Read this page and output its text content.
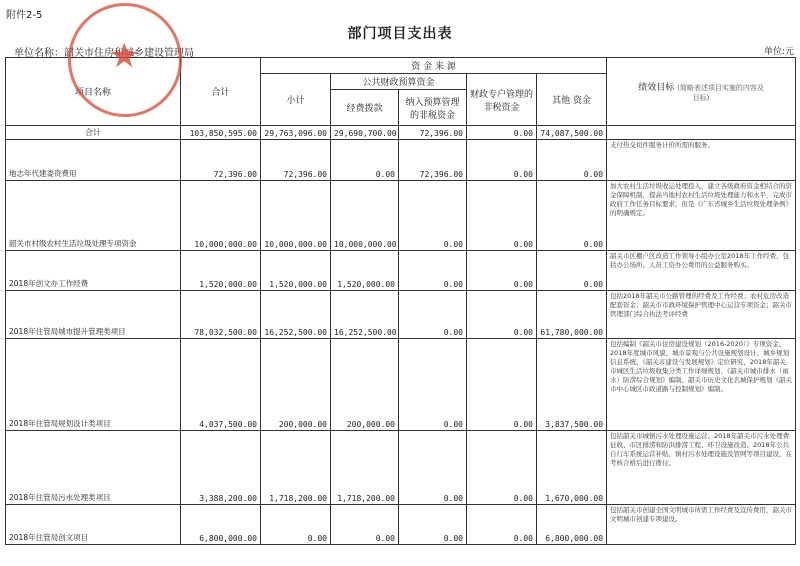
附件2-5
部门项目支出表
单位名称：韶关市住房和城乡建设管理局	单位:元
项目名称	合计	资 金 来 源					绩效目标 (简略表述项目实施的内容及
目标)
		小计	公共财政预算资金		财政专户管理的非税资金	其他 资金	
			经费拨款	纳入预算管理的非税资金			
合计	103,850,595.00	29,763,096.00	29,690,700.00	72,396.00	0.00	74,087,500.00	
地志年代建委资费用	72,396.00	72,396.00	0.00	72,396.00	0.00	0.00	支付热交切件服务计价所需的服务。
韶关市村级农村生活垃圾处理专项资金	10,000,000.00	10,000,000.00	10,000,000.00	0.00	0.00	0.00	加大农村生活垃圾收运处理投入，建立各级政府资金相结合的资金保障机制，提高当地村农村生活垃圾处理能力和水平，完成市政府工作任务目标要求，但是《广东省城乡生活垃圾处理条例》的明确规定。
2018年创文办工作经费	1,520,000.00	1,520,000.00	1,520,000.00	0.00	0.00	0.00	韶关市区棚户区改造工作领导小组办公室2018年工作经费，包括办公场所、人员工资办公费用的公益服务购买。
2018年住管局城市提升管理类项目	78,032,500.00	16,252,500.00	16,252,500.00	0.00	0.00	61,780,000.00	包括2018年韶关市公路管理的经费及工作经费；农村危房改造配套资金；韶关市市政环境保护管理中心运营专项资金；韶关市管理部门综合执法考评经费
2018年住管局规划设计类项目	4,037,500.00	200,000.00	200,000.00	0.00	0.00	3,837,500.00	包括编制《韶关市住房建设规划（2016-2020）》专项资金、2018年度城市风貌、城市景观与公共设施规划设计、城乡规划信息系统、《韶关市建设与发展规划》定位研究、2018年韶关市城区生活垃圾收集分类工作详细规划、《韶关市城市排水（雨水）防涝综合规划》编制、韶关市历史文化名城保护规划《韶关市中心城区市政道路与控制规划》编制。
2018年住管局污水处理类项目	3,388,200.00	1,718,200.00	1,718,200.00	0.00	0.00	1,670,000.00	包括韶关市城镇污水处理设施运营、2018年韶关市污水处理费征收、市区排涝和防洪排涝工程、环卫设施改造、2018年公共自行车系统运营补贴、镇村污水处理设施及管网等项目建设，在考核合格后进行拨付。
2018年住管局创文项目	6,800,000.00	0.00	0.00	0.00	0.00	6,800,000.00	包括韶关市创建全国文明城市所需工作经费及宣传费用，韶关市文明城市创建专项建设。
★
